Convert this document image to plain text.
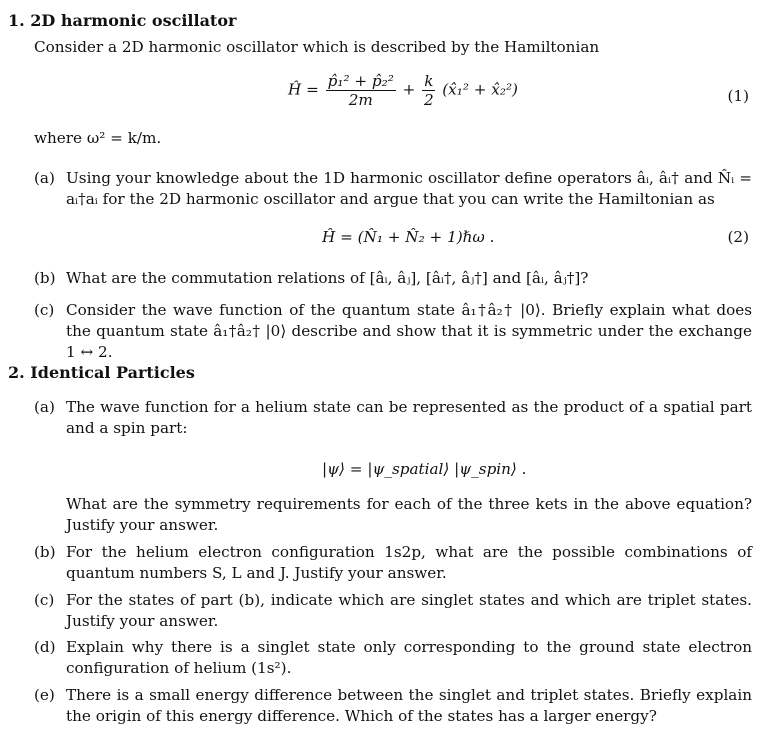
1. 2D harmonic oscillator
Consider a 2D harmonic oscillator which is described by the Hamiltonian
Ĥ = $\frac{\text{p̂₁² + p̂₂²}}{2m} + \frac{k}{2}$ (x̂₁² + x̂₂²)	(1)
where ω² = k/m.
(a) Using your knowledge about the 1D harmonic oscillator define operators âᵢ, âᵢ† and N̂ᵢ = aᵢ†aᵢ for the 2D harmonic oscillator and argue that you can write the Hamiltonian as
Ĥ = (N̂₁ + N̂₂ + 1)ℏω .	(2)
(b) What are the commutation relations of [âᵢ, âⱼ], [âᵢ†, âⱼ†] and [âᵢ, âⱼ†]?
(c) Consider the wave function of the quantum state â₁†â₂† |0⟩. Briefly explain what does the quantum state â₁†â₂† |0⟩ describe and show that it is symmetric under the exchange 1 ↔ 2.
2. Identical Particles
(a) The wave function for a helium state can be represented as the product of a spatial part and a spin part:
|ψ⟩ = |ψ_spatial⟩ |ψ_spin⟩ .
What are the symmetry requirements for each of the three kets in the above equation? Justify your answer.
(b) For the helium electron configuration 1s2p, what are the possible combinations of quantum numbers S, L and J. Justify your answer.
(c) For the states of part (b), indicate which are singlet states and which are triplet states. Justify your answer.
(d) Explain why there is a singlet state only corresponding to the ground state electron configuration of helium (1s²).
(e) There is a small energy difference between the singlet and triplet states. Briefly explain the origin of this energy difference. Which of the states has a larger energy?
